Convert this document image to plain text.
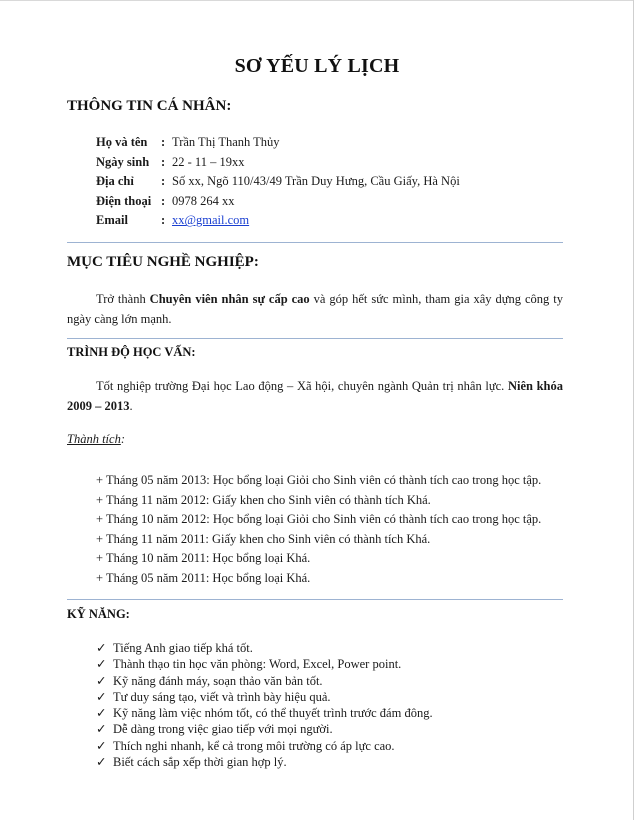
SƠ YẾU LÝ LỊCH
THÔNG TIN CÁ NHÂN:
Họ và tên	: Trần Thị Thanh Thủy
Ngày sinh : 22 - 11 – 19xx
Địa chỉ	: Số xx, Ngõ 110/43/49 Trần Duy Hưng, Cầu Giấy, Hà Nội
Điện thoại : 0978 264 xx
Email	: xx@gmail.com
MỤC TIÊU NGHỀ NGHIỆP:
Trở thành Chuyên viên nhân sự cấp cao và góp hết sức mình, tham gia xây dựng công ty ngày càng lớn mạnh.
TRÌNH ĐỘ HỌC VẤN:
Tốt nghiệp trường Đại học Lao động – Xã hội, chuyên ngành Quản trị nhân lực. Niên khóa 2009 – 2013.
Thành tích:
+ Tháng 05 năm 2013: Học bổng loại Giỏi cho Sinh viên có thành tích cao trong học tập.
+ Tháng 11 năm 2012: Giấy khen cho Sinh viên có thành tích Khá.
+ Tháng 10 năm 2012: Học bổng loại Giỏi cho Sinh viên có thành tích cao trong học tập.
+ Tháng 11 năm 2011: Giấy khen cho Sinh viên có thành tích Khá.
+ Tháng 10 năm 2011: Học bổng loại Khá.
+ Tháng 05 năm 2011: Học bổng loại Khá.
KỸ NĂNG:
✓ Tiếng Anh giao tiếp khá tốt.
✓ Thành thạo tin học văn phòng: Word, Excel, Power point.
✓ Kỹ năng đánh máy, soạn thảo văn bản tốt.
✓ Tư duy sáng tạo, viết và trình bày hiệu quả.
✓ Kỹ năng làm việc nhóm tốt, có thể thuyết trình trước đám đông.
✓ Dễ dàng trong việc giao tiếp với mọi người.
✓ Thích nghi nhanh, kể cả trong môi trường có áp lực cao.
✓ Biết cách sắp xếp thời gian hợp lý.
